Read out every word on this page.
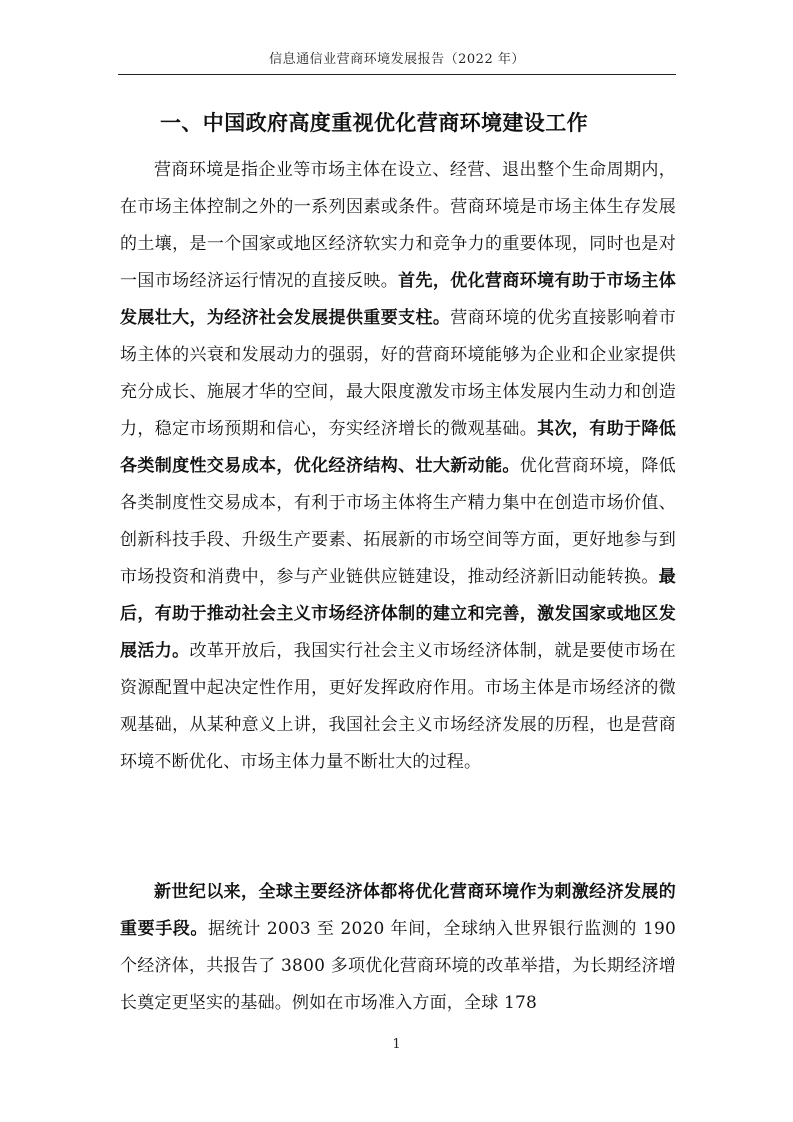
信息通信业营商环境发展报告（2022 年）
一、中国政府高度重视优化营商环境建设工作

营商环境是指企业等市场主体在设立、经营、退出整个生命周期内，在市场主体控制之外的一系列因素或条件。营商环境是市场主体生存发展的土壤，是一个国家或地区经济软实力和竞争力的重要体现，同时也是对一国市场经济运行情况的直接反映。首先，优化营商环境有助于市场主体发展壮大，为经济社会发展提供重要支柱。营商环境的优劣直接影响着市场主体的兴衰和发展动力的强弱，好的营商环境能够为企业和企业家提供充分成长、施展才华的空间，最大限度激发市场主体发展内生动力和创造力，稳定市场预期和信心，夯实经济增长的微观基础。其次，有助于降低各类制度性交易成本，优化经济结构、壮大新动能。优化营商环境，降低各类制度性交易成本，有利于市场主体将生产精力集中在创造市场价值、创新科技手段、升级生产要素、拓展新的市场空间等方面，更好地参与到市场投资和消费中，参与产业链供应链建设，推动经济新旧动能转换。最后，有助于推动社会主义市场经济体制的建立和完善，激发国家或地区发展活力。改革开放后，我国实行社会主义市场经济体制，就是要使市场在资源配置中起决定性作用，更好发挥政府作用。市场主体是市场经济的微观基础，从某种意义上讲，我国社会主义市场经济发展的历程，也是营商环境不断优化、市场主体力量不断壮大的过程。

新世纪以来，全球主要经济体都将优化营商环境作为刺激经济发展的重要手段。据统计 2003 至 2020 年间，全球纳入世界银行监测的 190 个经济体，共报告了 3800 多项优化营商环境的改革举措，为长期经济增长奠定更坚实的基础。例如在市场准入方面，全球 178

1
